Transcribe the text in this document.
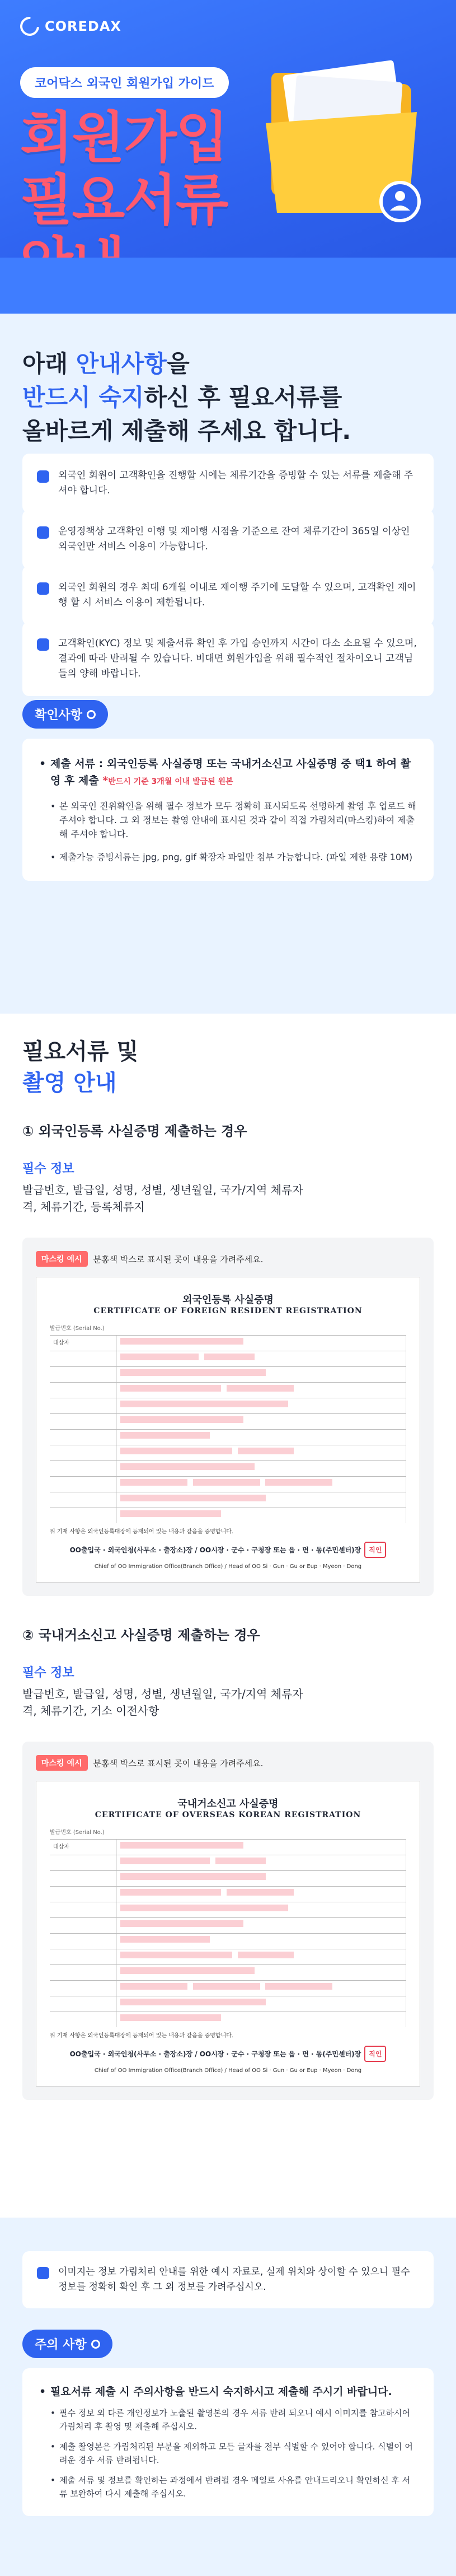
COREDAX
코어닥스 외국인 회원가입 가이드
회원가입
필요서류
아래 안내사항을
반드시 숙지하신 후 필요서류를
올바르게 제출해 주세요 합니다.
외국인 회원이 고객확인을 진행할 시에는 체류기간을 증빙할 수 있는 서류를 제출해 주셔야 합니다.
운영정책상 고객확인 이행 및 재이행 시점을 기준으로 잔여 체류기간이 365일 이상인 외국인만 서비스 이용이 가능합니다.
외국인 회원의 경우 최대 6개월 이내로 재이행 주기에 도달할 수 있으며, 고객확인 재이행 할 시 서비스 이용이 제한됩니다.
고객확인(KYC) 정보 및 제출서류 확인 후 가입 승인까지 시간이 다소 소요될 수 있으며, 결과에 따라 반려될 수 있습니다. 비대면 회원가입을 위해 필수적인 절차이오니 고객님들의 양해 바랍니다.
확인사항
• 제출 서류 : 외국인등록 사실증명 또는 국내거소신고 사실증명 중 택1 하여 촬영 후 제출 *반드시 기준 3개월 이내 발급된 원본
• 본 외국인 진위확인을 위해 필수 정보가 모두 정확히 표시되도록 선명하게 촬영 후 업로드 해주셔야 합니다. 그 외 정보는 촬영 안내에 표시된 것과 같이 직접 가림처리(마스킹)하여 제출해 주셔야 합니다.
• 제출가능 증빙서류는 jpg, png, gif 확장자 파일만 첨부 가능합니다. (파일 제한 용량 10M)
필요서류 및
촬영 안내
① 외국인등록 사실증명 제출하는 경우
필수 정보
발급번호, 발급일, 성명, 성별, 생년월일, 국가/지역 체류자격, 체류기간, 등록체류지
마스킹 예시	분홍색 박스로 표시된 곳이 내용을 가려주세요.
외국인등록 사실증명
CERTIFICATE OF FOREIGN RESIDENT REGISTRATION
발급번호 (Serial No.)
대상자

위 기재 사항은 외국인등록대장에 등재되어 있는 내용과 같음을 증명합니다.
OO출입국 · 외국인청(사무소 · 출장소)장 / OO시장 · 군수 · 구청장 또는 읍 · 면 · 동(주민센터)장	직인
Chief of OO Immigration Office(Branch Office) / Head of OO Si · Gun · Gu or Eup · Myeon · Dong
② 국내거소신고 사실증명 제출하는 경우
필수 정보
발급번호, 발급일, 성명, 성별, 생년월일, 국가/지역 체류자격, 체류기간, 거소 이전사항
마스킹 예시	분홍색 박스로 표시된 곳이 내용을 가려주세요.
국내거소신고 사실증명
CERTIFICATE OF OVERSEAS KOREAN REGISTRATION
발급번호 (Serial No.)
대상자

위 기재 사항은 외국인등록대장에 등재되어 있는 내용과 같음을 증명합니다.
OO출입국 · 외국인청(사무소 · 출장소)장 / OO시장 · 군수 · 구청장 또는 읍 · 면 · 동(주민센터)장	직인
Chief of OO Immigration Office(Branch Office) / Head of OO Si · Gun · Gu or Eup · Myeon · Dong
이미지는 정보 가림처리 안내를 위한 예시 자료로, 실제 위치와 상이할 수 있으니 필수 정보를 정확히 확인 후 그 외 정보를 가려주십시오.
주의 사항
• 필요서류 제출 시 주의사항을 반드시 숙지하시고 제출해 주시기 바랍니다.
• 필수 정보 외 다른 개인정보가 노출된 촬영본의 경우 서류 반려 되오니 예시 이미지를 참고하시어 가림처리 후 촬영 및 제출해 주십시오.
• 제출 촬영본은 가림처리된 부분을 제외하고 모든 글자를 전부 식별할 수 있어야 합니다. 식별이 어려운 경우 서류 반려됩니다.
• 제출 서류 및 정보를 확인하는 과정에서 반려될 경우 메일로 사유를 안내드리오니 확인하신 후 서류 보완하여 다시 제출해 주십시오.
